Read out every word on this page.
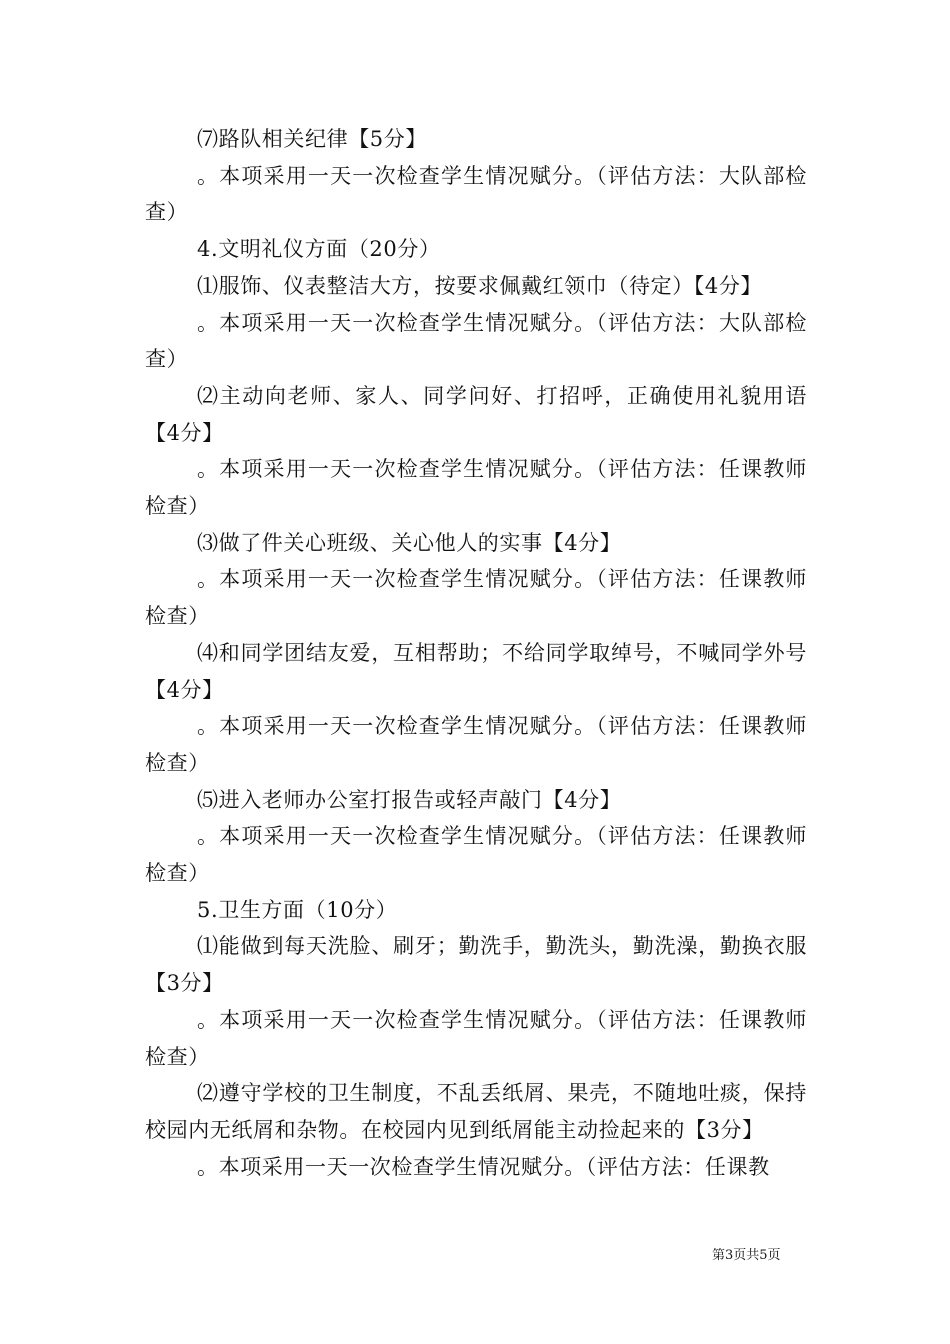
⑺路队相关纪律【5分】

。本项采用一天一次检查学生情况赋分。（评估方法：大队部检查）

4.文明礼仪方面（20分）

⑴服饰、仪表整洁大方，按要求佩戴红领巾（待定）【4分】

。本项采用一天一次检查学生情况赋分。（评估方法：大队部检查）

⑵主动向老师、家人、同学问好、打招呼，正确使用礼貌用语【4分】

。本项采用一天一次检查学生情况赋分。（评估方法：任课教师检查）

⑶做了件关心班级、关心他人的实事【4分】

。本项采用一天一次检查学生情况赋分。（评估方法：任课教师检查）

⑷和同学团结友爱，互相帮助；不给同学取绰号，不喊同学外号【4分】

。本项采用一天一次检查学生情况赋分。（评估方法：任课教师检查）

⑸进入老师办公室打报告或轻声敲门【4分】

。本项采用一天一次检查学生情况赋分。（评估方法：任课教师检查）

5.卫生方面（10分）

⑴能做到每天洗脸、刷牙；勤洗手，勤洗头，勤洗澡，勤换衣服【3分】

。本项采用一天一次检查学生情况赋分。（评估方法：任课教师检查）

⑵遵守学校的卫生制度，不乱丢纸屑、果壳，不随地吐痰，保持校园内无纸屑和杂物。在校园内见到纸屑能主动捡起来的【3分】

。本项采用一天一次检查学生情况赋分。（评估方法：任课教

第3页共5页
